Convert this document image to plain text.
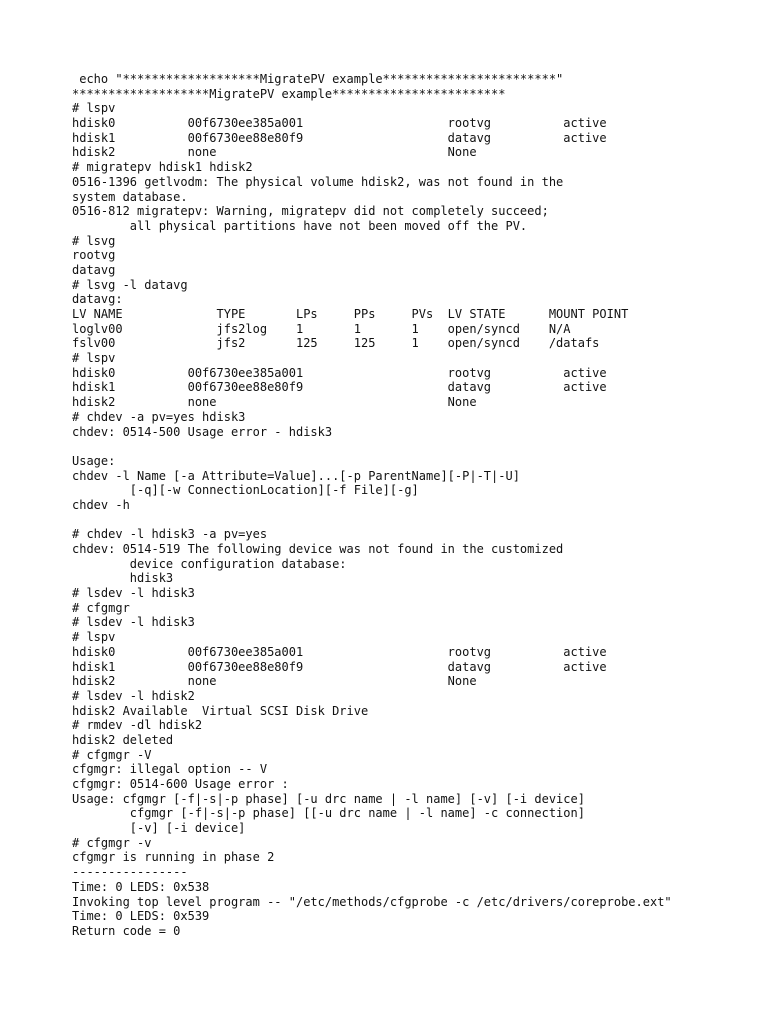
echo "*******************MigratePV example************************"
*******************MigratePV example************************
# lspv
hdisk0          00f6730ee385a001                    rootvg          active
hdisk1          00f6730ee88e80f9                    datavg          active
hdisk2          none                                None
# migratepv hdisk1 hdisk2
0516-1396 getlvodm: The physical volume hdisk2, was not found in the
system database.
0516-812 migratepv: Warning, migratepv did not completely succeed;
all physical partitions have not been moved off the PV.
# lsvg
rootvg
datavg
# lsvg -l datavg
datavg:
LV NAME             TYPE       LPs     PPs     PVs  LV STATE      MOUNT POINT
loglv00             jfs2log    1       1       1    open/syncd    N/A
fslv00              jfs2       125     125     1    open/syncd    /datafs
# lspv
hdisk0          00f6730ee385a001                    rootvg          active
hdisk1          00f6730ee88e80f9                    datavg          active
hdisk2          none                                None
# chdev -a pv=yes hdisk3
chdev: 0514-500 Usage error - hdisk3
Usage:
chdev -l Name [-a Attribute=Value]...[-p ParentName][-P|-T|-U]
[-q][-w ConnectionLocation][-f File][-g]
chdev -h
# chdev -l hdisk3 -a pv=yes
chdev: 0514-519 The following device was not found in the customized
device configuration database:
hdisk3
# lsdev -l hdisk3
# cfgmgr
# lsdev -l hdisk3
# lspv
hdisk0          00f6730ee385a001                    rootvg          active
hdisk1          00f6730ee88e80f9                    datavg          active
hdisk2          none                                None
# lsdev -l hdisk2
hdisk2 Available  Virtual SCSI Disk Drive
# rmdev -dl hdisk2
hdisk2 deleted
# cfgmgr -V
cfgmgr: illegal option -- V
cfgmgr: 0514-600 Usage error :
Usage: cfgmgr [-f|-s|-p phase] [-u drc name | -l name] [-v] [-i device]
cfgmgr [-f|-s|-p phase] [[-u drc name | -l name] -c connection]
[-v] [-i device]
# cfgmgr -v
cfgmgr is running in phase 2
----------------
Time: 0 LEDS: 0x538
Invoking top level program -- "/etc/methods/cfgprobe -c /etc/drivers/coreprobe.ext"
Time: 0 LEDS: 0x539
Return code = 0
